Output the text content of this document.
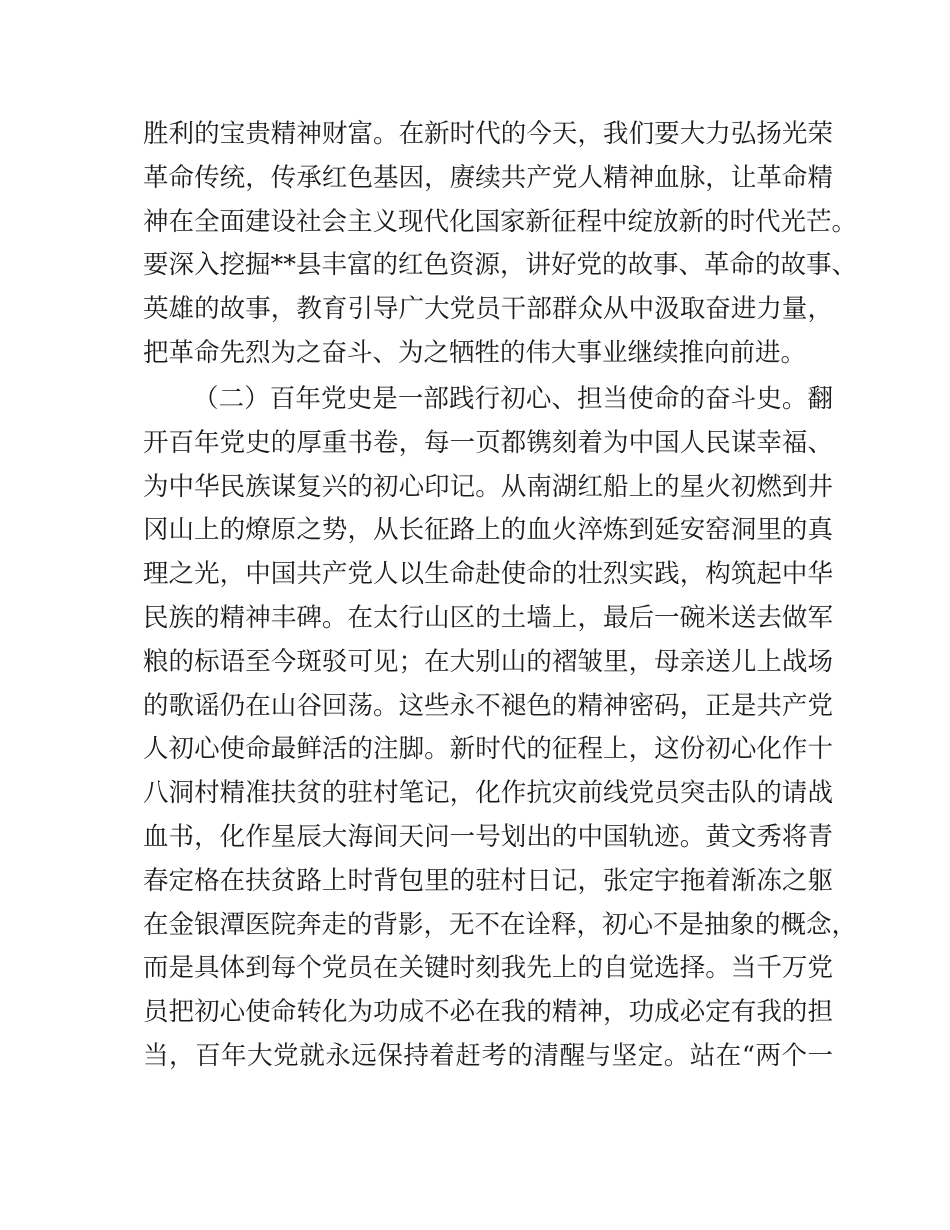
胜利的宝贵精神财富。在新时代的今天，我们要大力弘扬光荣
革命传统，传承红色基因，赓续共产党人精神血脉，让革命精
神在全面建设社会主义现代化国家新征程中绽放新的时代光芒。
要深入挖掘**县丰富的红色资源，讲好党的故事、革命的故事、
英雄的故事，教育引导广大党员干部群众从中汲取奋进力量，
把革命先烈为之奋斗、为之牺牲的伟大事业继续推向前进。
（二）百年党史是一部践行初心、担当使命的奋斗史。翻
开百年党史的厚重书卷，每一页都镌刻着为中国人民谋幸福、
为中华民族谋复兴的初心印记。从南湖红船上的星火初燃到井
冈山上的燎原之势，从长征路上的血火淬炼到延安窑洞里的真
理之光，中国共产党人以生命赴使命的壮烈实践，构筑起中华
民族的精神丰碑。在太行山区的土墙上，最后一碗米送去做军
粮的标语至今斑驳可见；在大别山的褶皱里，母亲送儿上战场
的歌谣仍在山谷回荡。这些永不褪色的精神密码，正是共产党
人初心使命最鲜活的注脚。新时代的征程上，这份初心化作十
八洞村精准扶贫的驻村笔记，化作抗灾前线党员突击队的请战
血书，化作星辰大海间天问一号划出的中国轨迹。黄文秀将青
春定格在扶贫路上时背包里的驻村日记，张定宇拖着渐冻之躯
在金银潭医院奔走的背影，无不在诠释，初心不是抽象的概念，
而是具体到每个党员在关键时刻我先上的自觉选择。当千万党
员把初心使命转化为功成不必在我的精神，功成必定有我的担
当，百年大党就永远保持着赶考的清醒与坚定。站在“两个一
